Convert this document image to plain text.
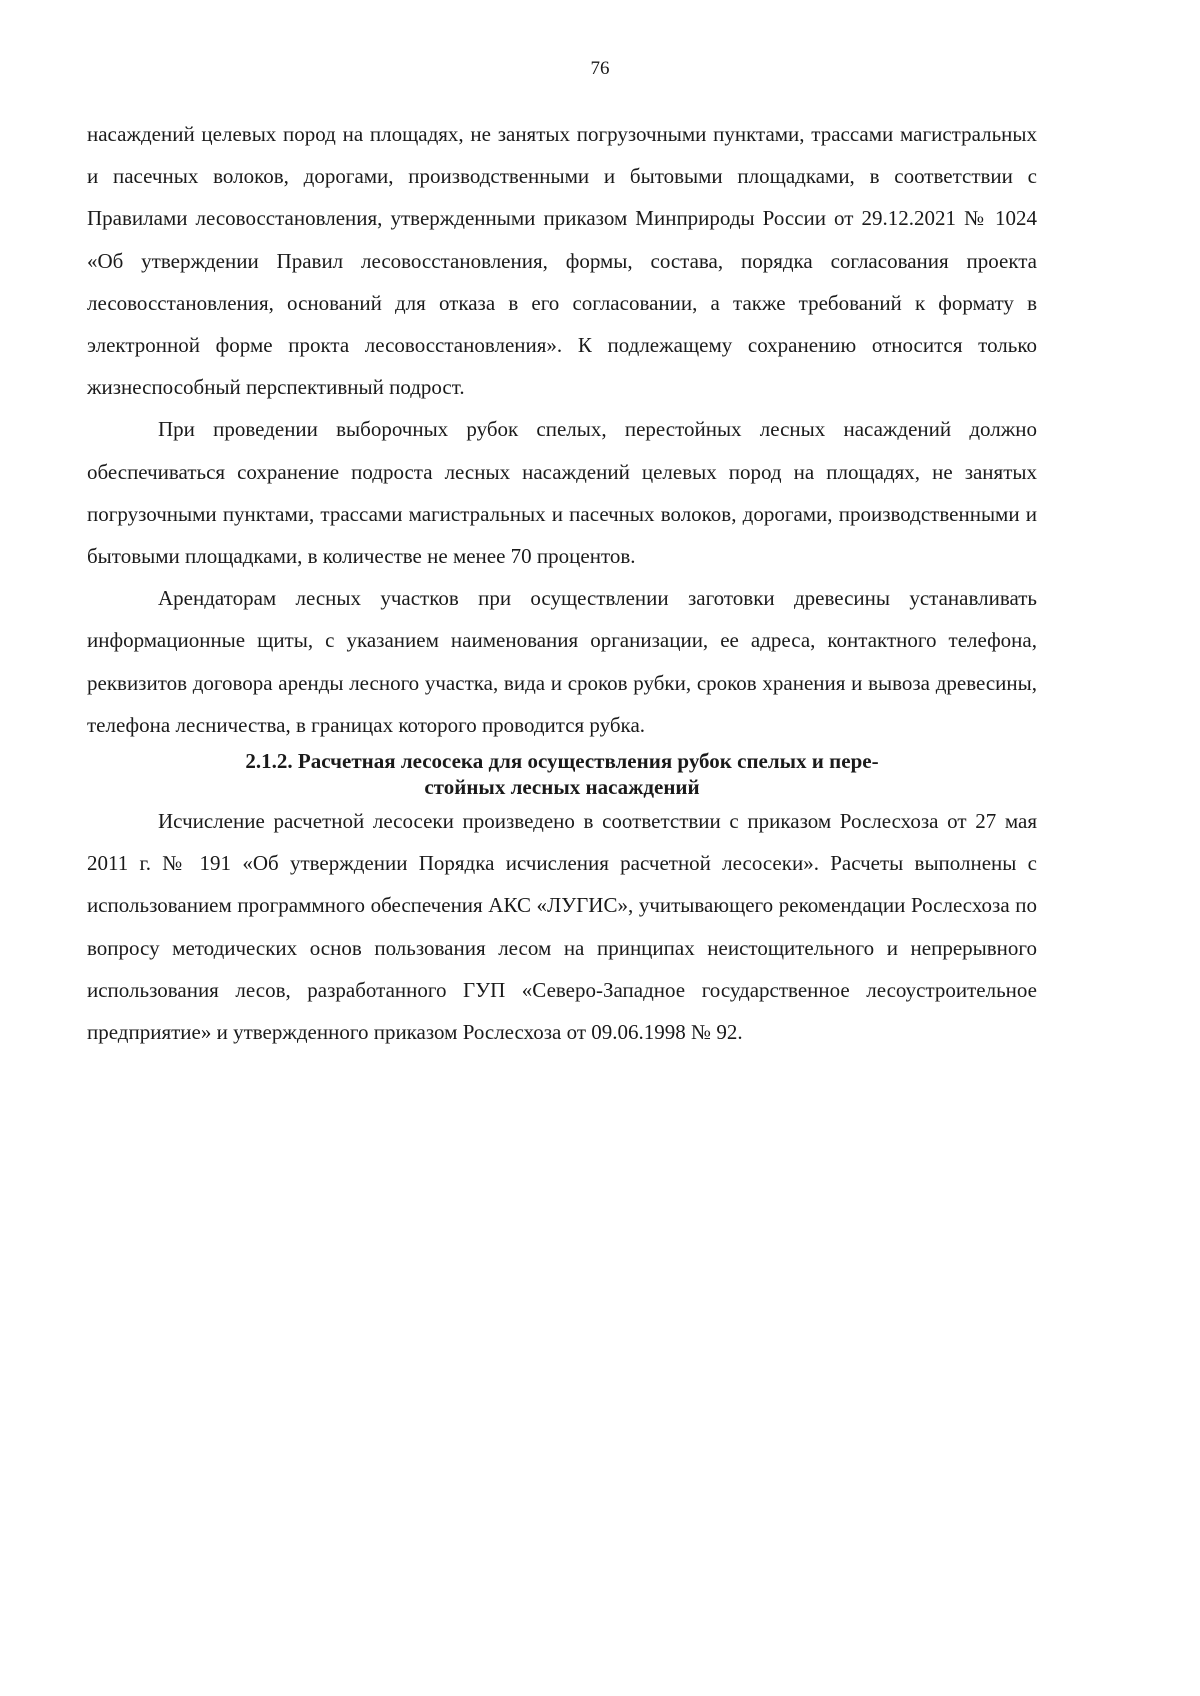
76

насаждений целевых пород на площадях, не занятых погрузочными пунктами, трассами магистральных и пасечных волоков, дорогами, производственными и бытовыми площадками, в соответствии с Правилами лесовосстановления, утвержденными приказом Минприроды России от 29.12.2021 № 1024 «Об утверждении Правил лесовосстановления, формы, состава, порядка согласования проекта лесовосстановления, оснований для отказа в его согласовании, а также требований к формату в электронной форме прокта лесовосстановления». К подлежащему сохранению относится только жизнеспособный перспективный подрост.

При проведении выборочных рубок спелых, перестойных лесных насаждений должно обеспечиваться сохранение подроста лесных насаждений целевых пород на площадях, не занятых погрузочными пунктами, трассами магистральных и пасечных волоков, дорогами, производственными и бытовыми площадками, в количестве не менее 70 процентов.

Арендаторам лесных участков при осуществлении заготовки древесины устанавливать информационные щиты, с указанием наименования организации, ее адреса, контактного телефона, реквизитов договора аренды лесного участка, вида и сроков рубки, сроков хранения и вывоза древесины, телефона лесничества, в границах которого проводится рубка.

2.1.2. Расчетная лесосека для осуществления рубок спелых и пере-
стойных лесных насаждений

Исчисление расчетной лесосеки произведено в соответствии с приказом Рослесхоза от 27 мая 2011 г. № 191 «Об утверждении Порядка исчисления расчетной лесосеки». Расчеты выполнены с использованием программного обеспечения АКС «ЛУГИС», учитывающего рекомендации Рослесхоза по вопросу методических основ пользования лесом на принципах неистощительного и непрерывного использования лесов, разработанного ГУП «Северо-Западное государственное лесоустроительное предприятие» и утвержденного приказом Рослесхоза от 09.06.1998 № 92.
